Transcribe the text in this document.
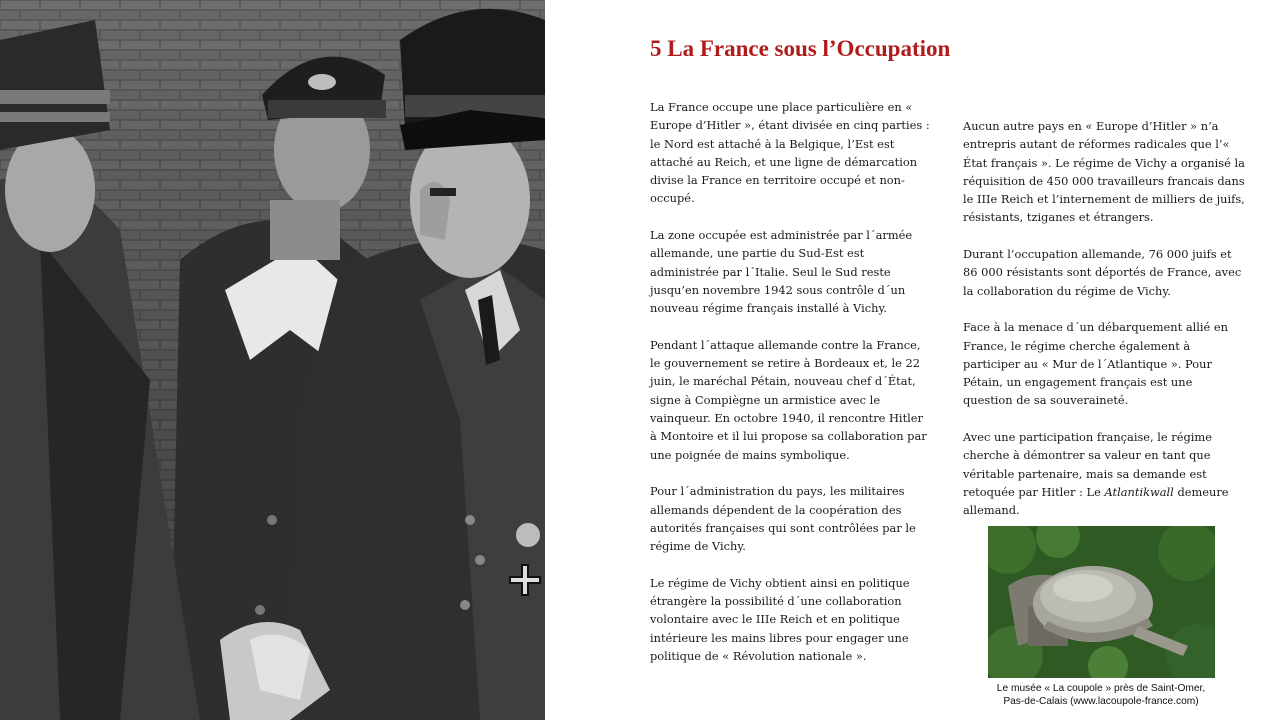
5 La France sous l’Occupation

La France occupe une place particulière en « Europe d’Hitler », étant divisée en cinq parties : le Nord est attaché à la Belgique, l’Est est attaché au Reich, et une ligne de démarcation divise la France en territoire occupé et non-occupé.

La zone occupée est administrée par l´armée allemande, une partie du Sud-Est est administrée par l´Italie. Seul le Sud reste jusqu’en novembre 1942 sous contrôle d´un nouveau régime français installé à Vichy.

Pendant l´attaque allemande contre la France, le gouvernement se retire à Bordeaux et, le 22 juin, le maréchal Pétain, nouveau chef d´État, signe à Compiègne un armistice avec le vainqueur. En octobre 1940, il rencontre Hitler à Montoire et il lui propose sa collaboration par une poignée de mains symbolique.

Pour l´administration du pays, les militaires allemands dépendent de la coopération des autorités françaises qui sont contrôlées par le régime de Vichy.

Le régime de Vichy obtient ainsi en politique étrangère la possibilité d´une collaboration volontaire avec le IIIe Reich et en politique intérieure les mains libres pour engager une politique de « Révolution nationale ».

Aucun autre pays en « Europe d’Hitler » n’a entrepris autant de réformes radicales que l’« État français ». Le régime de Vichy a organisé la réquisition de 450 000 travailleurs francais dans le IIIe Reich et l’internement de milliers de juifs, résistants, tziganes et étrangers.

Durant l’occupation allemande, 76 000 juifs et 86 000 résistants sont déportés de France, avec la collaboration du régime de Vichy.

Face à la menace d´un débarquement allié en France, le régime cherche également à participer au « Mur de l´Atlantique ». Pour Pétain, un engagement français est une question de sa souveraineté.

Avec une participation française, le régime cherche à démontrer sa valeur en tant que véritable partenaire, mais sa demande est retoquée par Hitler : Le Atlantikwall demeure allemand.

Le musée « La coupole » près de Saint-Omer,
Pas-de-Calais (www.lacoupole-france.com)
